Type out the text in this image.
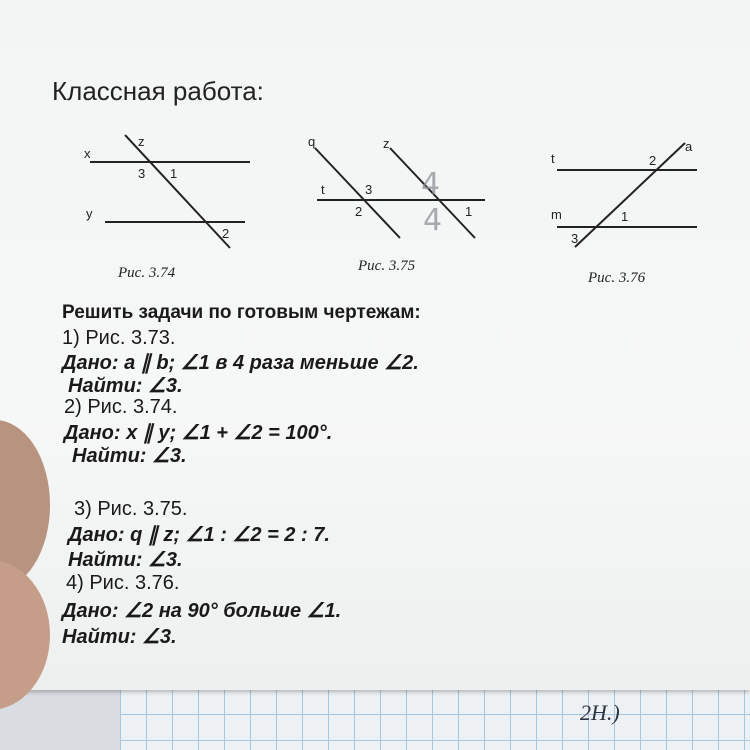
2H.)
Классная работа:
x
y
z
3 1
2
Рис. 3.74
q	z
t	3
2	1
4
4
Рис. 3.75
t
m
a
2
1
3
Рис. 3.76
Решить задачи по готовым чертежам:
1) Рис. 3.73.
Дано: a ∥ b; ∠1 в 4 раза меньше ∠2.
Найти: ∠3.
2) Рис. 3.74.
Дано: x ∥ y; ∠1 + ∠2 = 100°.
Найти: ∠3.
3) Рис. 3.75.
Дано: q ∥ z; ∠1 : ∠2 = 2 : 7.
Найти: ∠3.
4) Рис. 3.76.
Дано: ∠2 на 90° больше ∠1.
Найти: ∠3.
